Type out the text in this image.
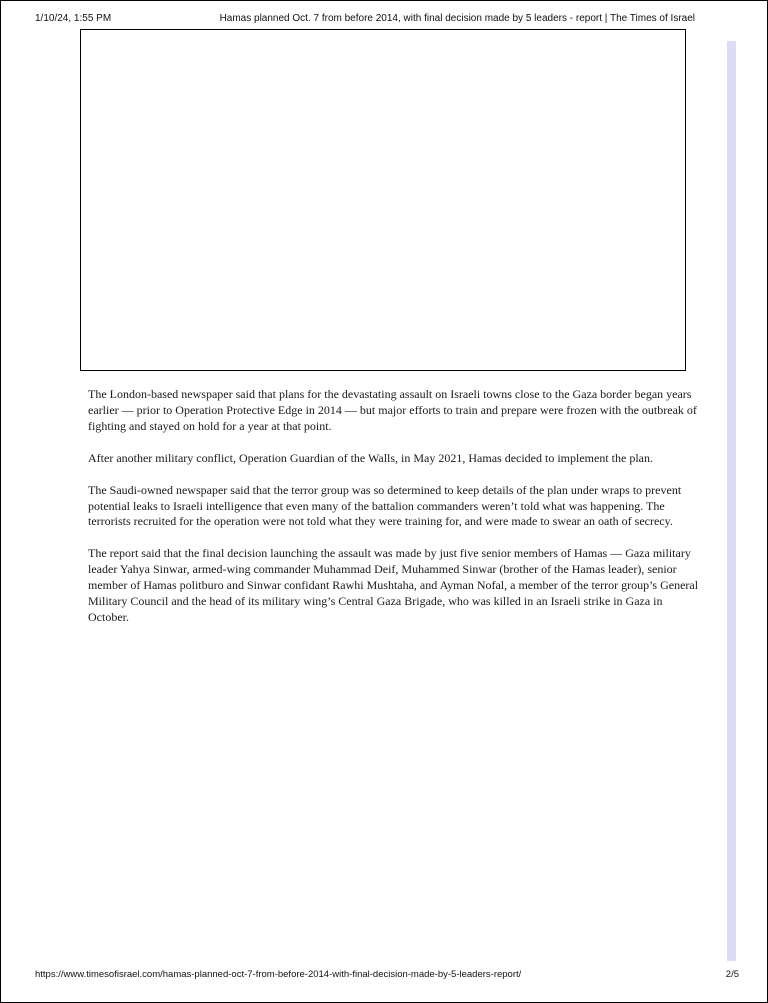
1/10/24, 1:55 PM	Hamas planned Oct. 7 from before 2014, with final decision made by 5 leaders - report | The Times of Israel

The London-based newspaper said that plans for the devastating assault on Israeli towns close to the Gaza border began years earlier — prior to Operation Protective Edge in 2014 — but major efforts to train and prepare were frozen with the outbreak of fighting and stayed on hold for a year at that point.

After another military conflict, Operation Guardian of the Walls, in May 2021, Hamas decided to implement the plan.

The Saudi-owned newspaper said that the terror group was so determined to keep details of the plan under wraps to prevent potential leaks to Israeli intelligence that even many of the battalion commanders weren’t told what was happening. The terrorists recruited for the operation were not told what they were training for, and were made to swear an oath of secrecy.

The report said that the final decision launching the assault was made by just five senior members of Hamas — Gaza military leader Yahya Sinwar, armed-wing commander Muhammad Deif, Muhammed Sinwar (brother of the Hamas leader), senior member of Hamas politburo and Sinwar confidant Rawhi Mushtaha, and Ayman Nofal, a member of the terror group’s General Military Council and the head of its military wing’s Central Gaza Brigade, who was killed in an Israeli strike in Gaza in October.

https://www.timesofisrael.com/hamas-planned-oct-7-from-before-2014-with-final-decision-made-by-5-leaders-report/	2/5
